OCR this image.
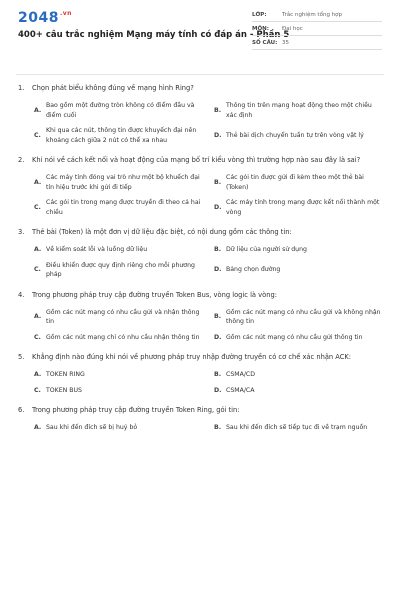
$2048^{.vn}$
400+ câu trắc nghiệm Mạng máy tính có đáp án - Phần 5
LỚP:	Trắc nghiệm tổng hợp
MÔN:	Đại học
SỐ CÂU: 35
1.	Chọn phát biểu không đúng về mạng hình Ring?
A.
Bao gồm một đường tròn không có điểm đầu và điểm cuối
B.
Thông tin trên mạng hoạt động theo một chiều xác định
C.
Khi qua các nút, thông tin được khuyếch đại nên khoảng cách giữa 2 nút có thể xa nhau
D. Thẻ bài dịch chuyển tuần tự trên vòng vật lý
2.	Khi nói về cách kết nối và hoạt động của mạng bố trí kiểu vòng thì trường hợp nào sau đây là sai?
A.
Các máy tính đóng vai trò như một bộ khuếch đại tín hiệu trước khi gửi đi tiếp
B.
Các gói tin được gửi đi kèm theo một thẻ bài (Token)
C.
Các gói tin trong mạng được truyền đi theo cả hai chiều
D.
Các máy tính trong mạng được kết nối thành một vòng
3.	Thẻ bài (Token) là một đơn vị dữ liệu đặc biệt, có nội dung gồm các thông tin:
A. Về kiểm soát lỗi và luồng dữ liệu	B. Dữ liệu của người sử dụng
C.
Điều khiển được quy định riêng cho mỗi phương pháp
D. Bảng chọn đường
4.	Trong phương pháp truy cập đường truyền Token Bus, vòng logic là vòng:
A.
Gồm các nút mạng có nhu cầu gửi và nhận thông tin
B.
Gồm các nút mạng có nhu cầu gửi và không nhận thông tin
C. Gồm các nút mạng chỉ có nhu cầu nhận thông tin	D. Gồm các nút mạng có nhu cầu gửi thông tin
5.	Khẳng định nào đúng khi nói về phương pháp truy nhập đường truyền có cơ chế xác nhận ACK:
A. TOKEN RING	B. CSMA/CD
C. TOKEN BUS	D. CSMA/CA
6.	Trong phương pháp truy cập đường truyền Token Ring, gói tin:
A. Sau khi đến đích sẽ bị huỷ bỏ	B. Sau khi đến đích sẽ tiếp tục đi về trạm nguồn
